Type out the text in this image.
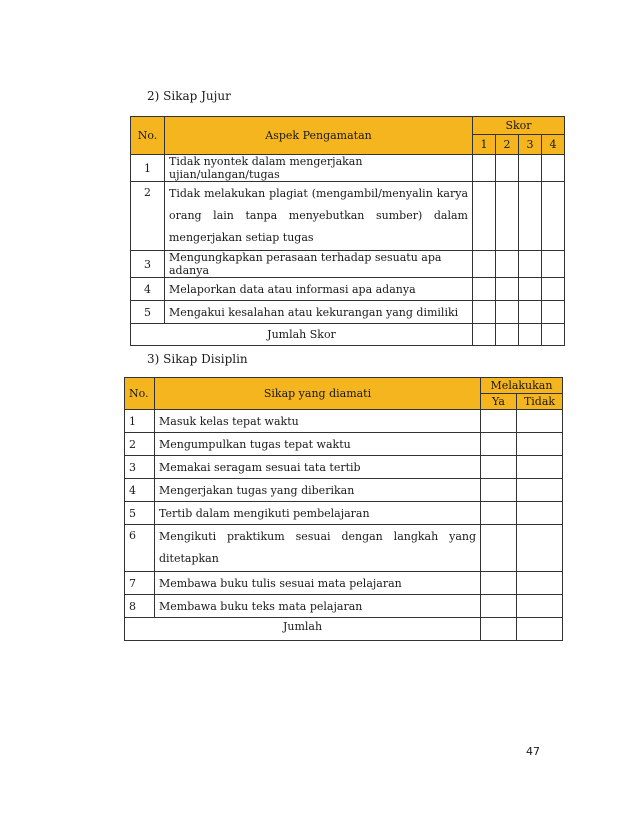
2) Sikap Jujur
No.	Aspek Pengamatan	Skor			
		1	2	3	4
1	Tidak nyontek dalam mengerjakan ujian/ulangan/tugas				
2	Tidak melakukan plagiat (mengambil/menyalin karya orang lain tanpa menyebutkan sumber) dalam mengerjakan setiap tugas				
3	Mengungkapkan perasaan terhadap sesuatu apa adanya				
4	Melaporkan data atau informasi apa adanya				
5	Mengakui kesalahan atau kekurangan yang dimiliki				
Jumlah Skor					
3) Sikap Disiplin
No.	Sikap yang diamati	Melakukan	
		Ya	Tidak
1	Masuk kelas tepat waktu		
2	Mengumpulkan tugas tepat waktu		
3	Memakai seragam sesuai tata tertib		
4	Mengerjakan tugas yang diberikan		
5	Tertib dalam mengikuti pembelajaran		
6	Mengikuti praktikum sesuai dengan langkah yang ditetapkan		
7	Membawa buku tulis sesuai mata pelajaran		
8	Membawa buku teks mata pelajaran		
Jumlah			
47
